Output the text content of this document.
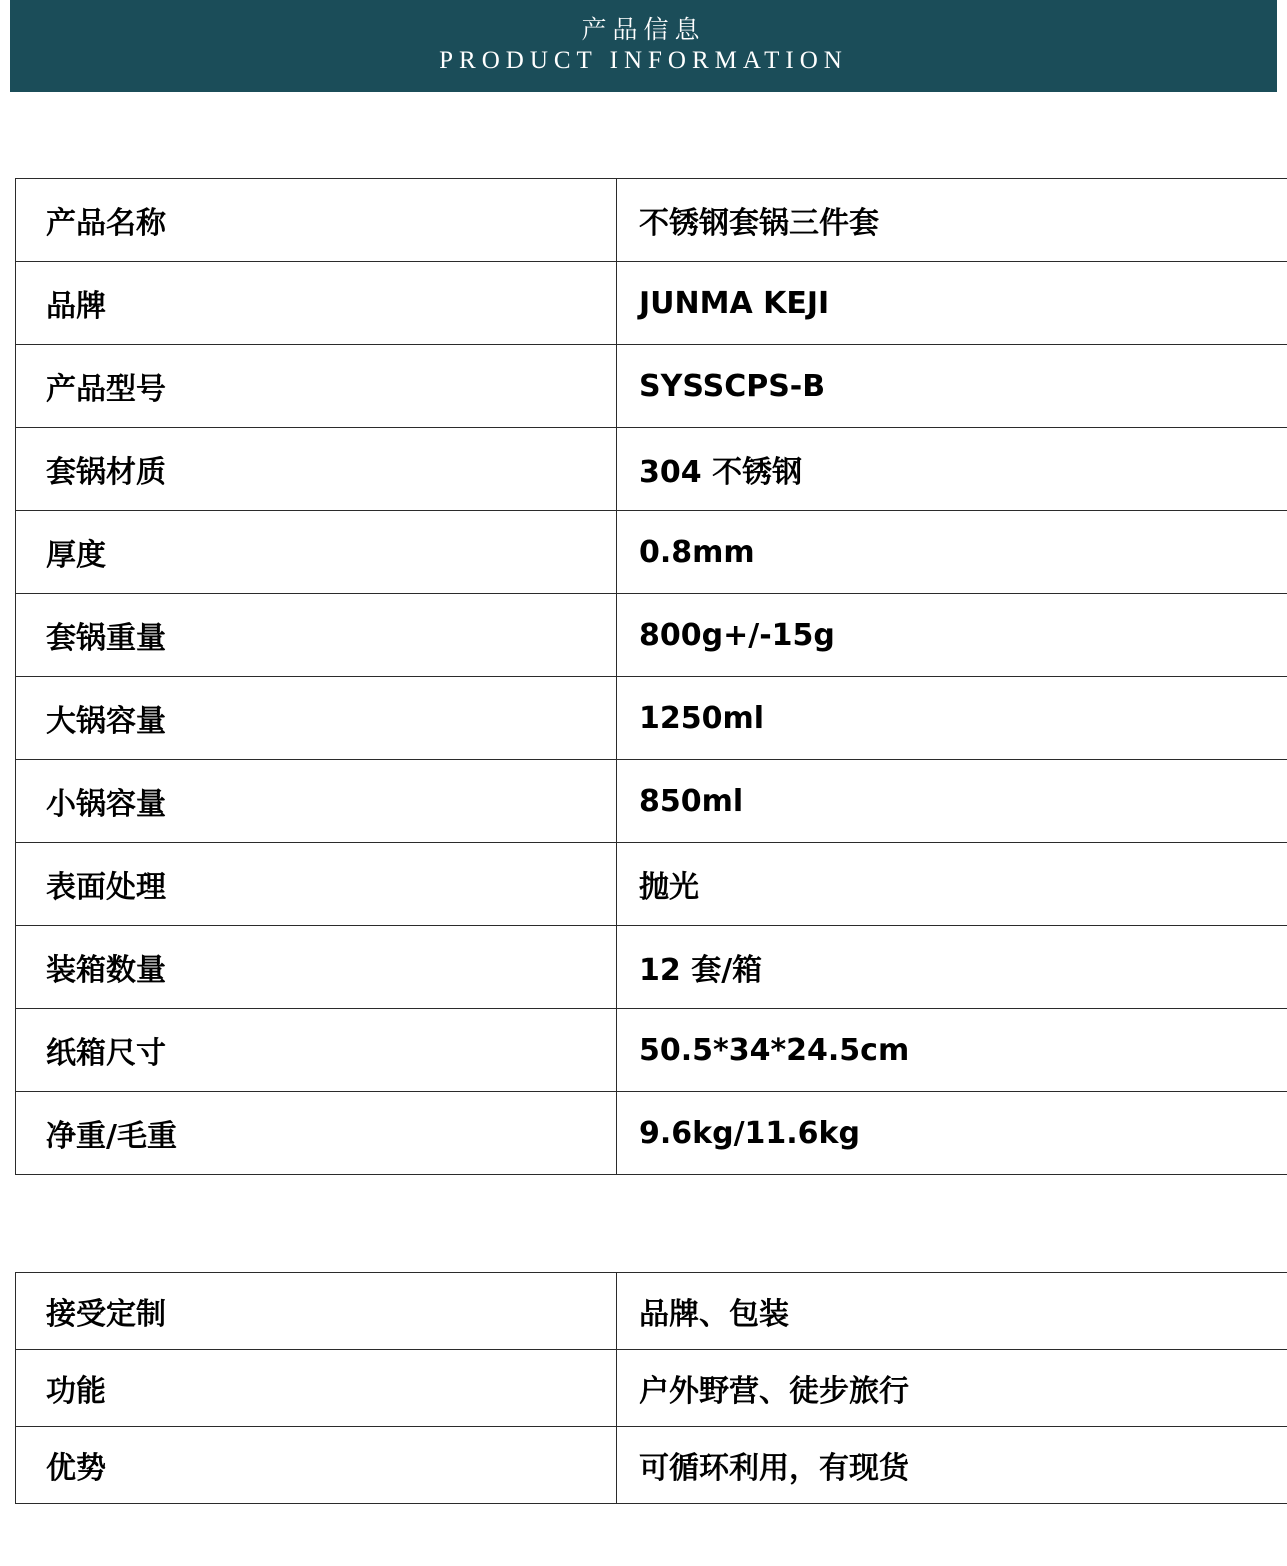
产品信息
PRODUCT INFORMATION
产品名称	不锈钢套锅三件套
品牌	JUNMA KEJI
产品型号	SYSSCPS-B
套锅材质	304 不锈钢
厚度	0.8mm
套锅重量	800g+/-15g
大锅容量	1250ml
小锅容量	850ml
表面处理	抛光
装箱数量	12 套/箱
纸箱尺寸	50.5*34*24.5cm
净重/毛重	9.6kg/11.6kg
接受定制	品牌、包装
功能	户外野营、徒步旅行
优势	可循环利用，有现货
